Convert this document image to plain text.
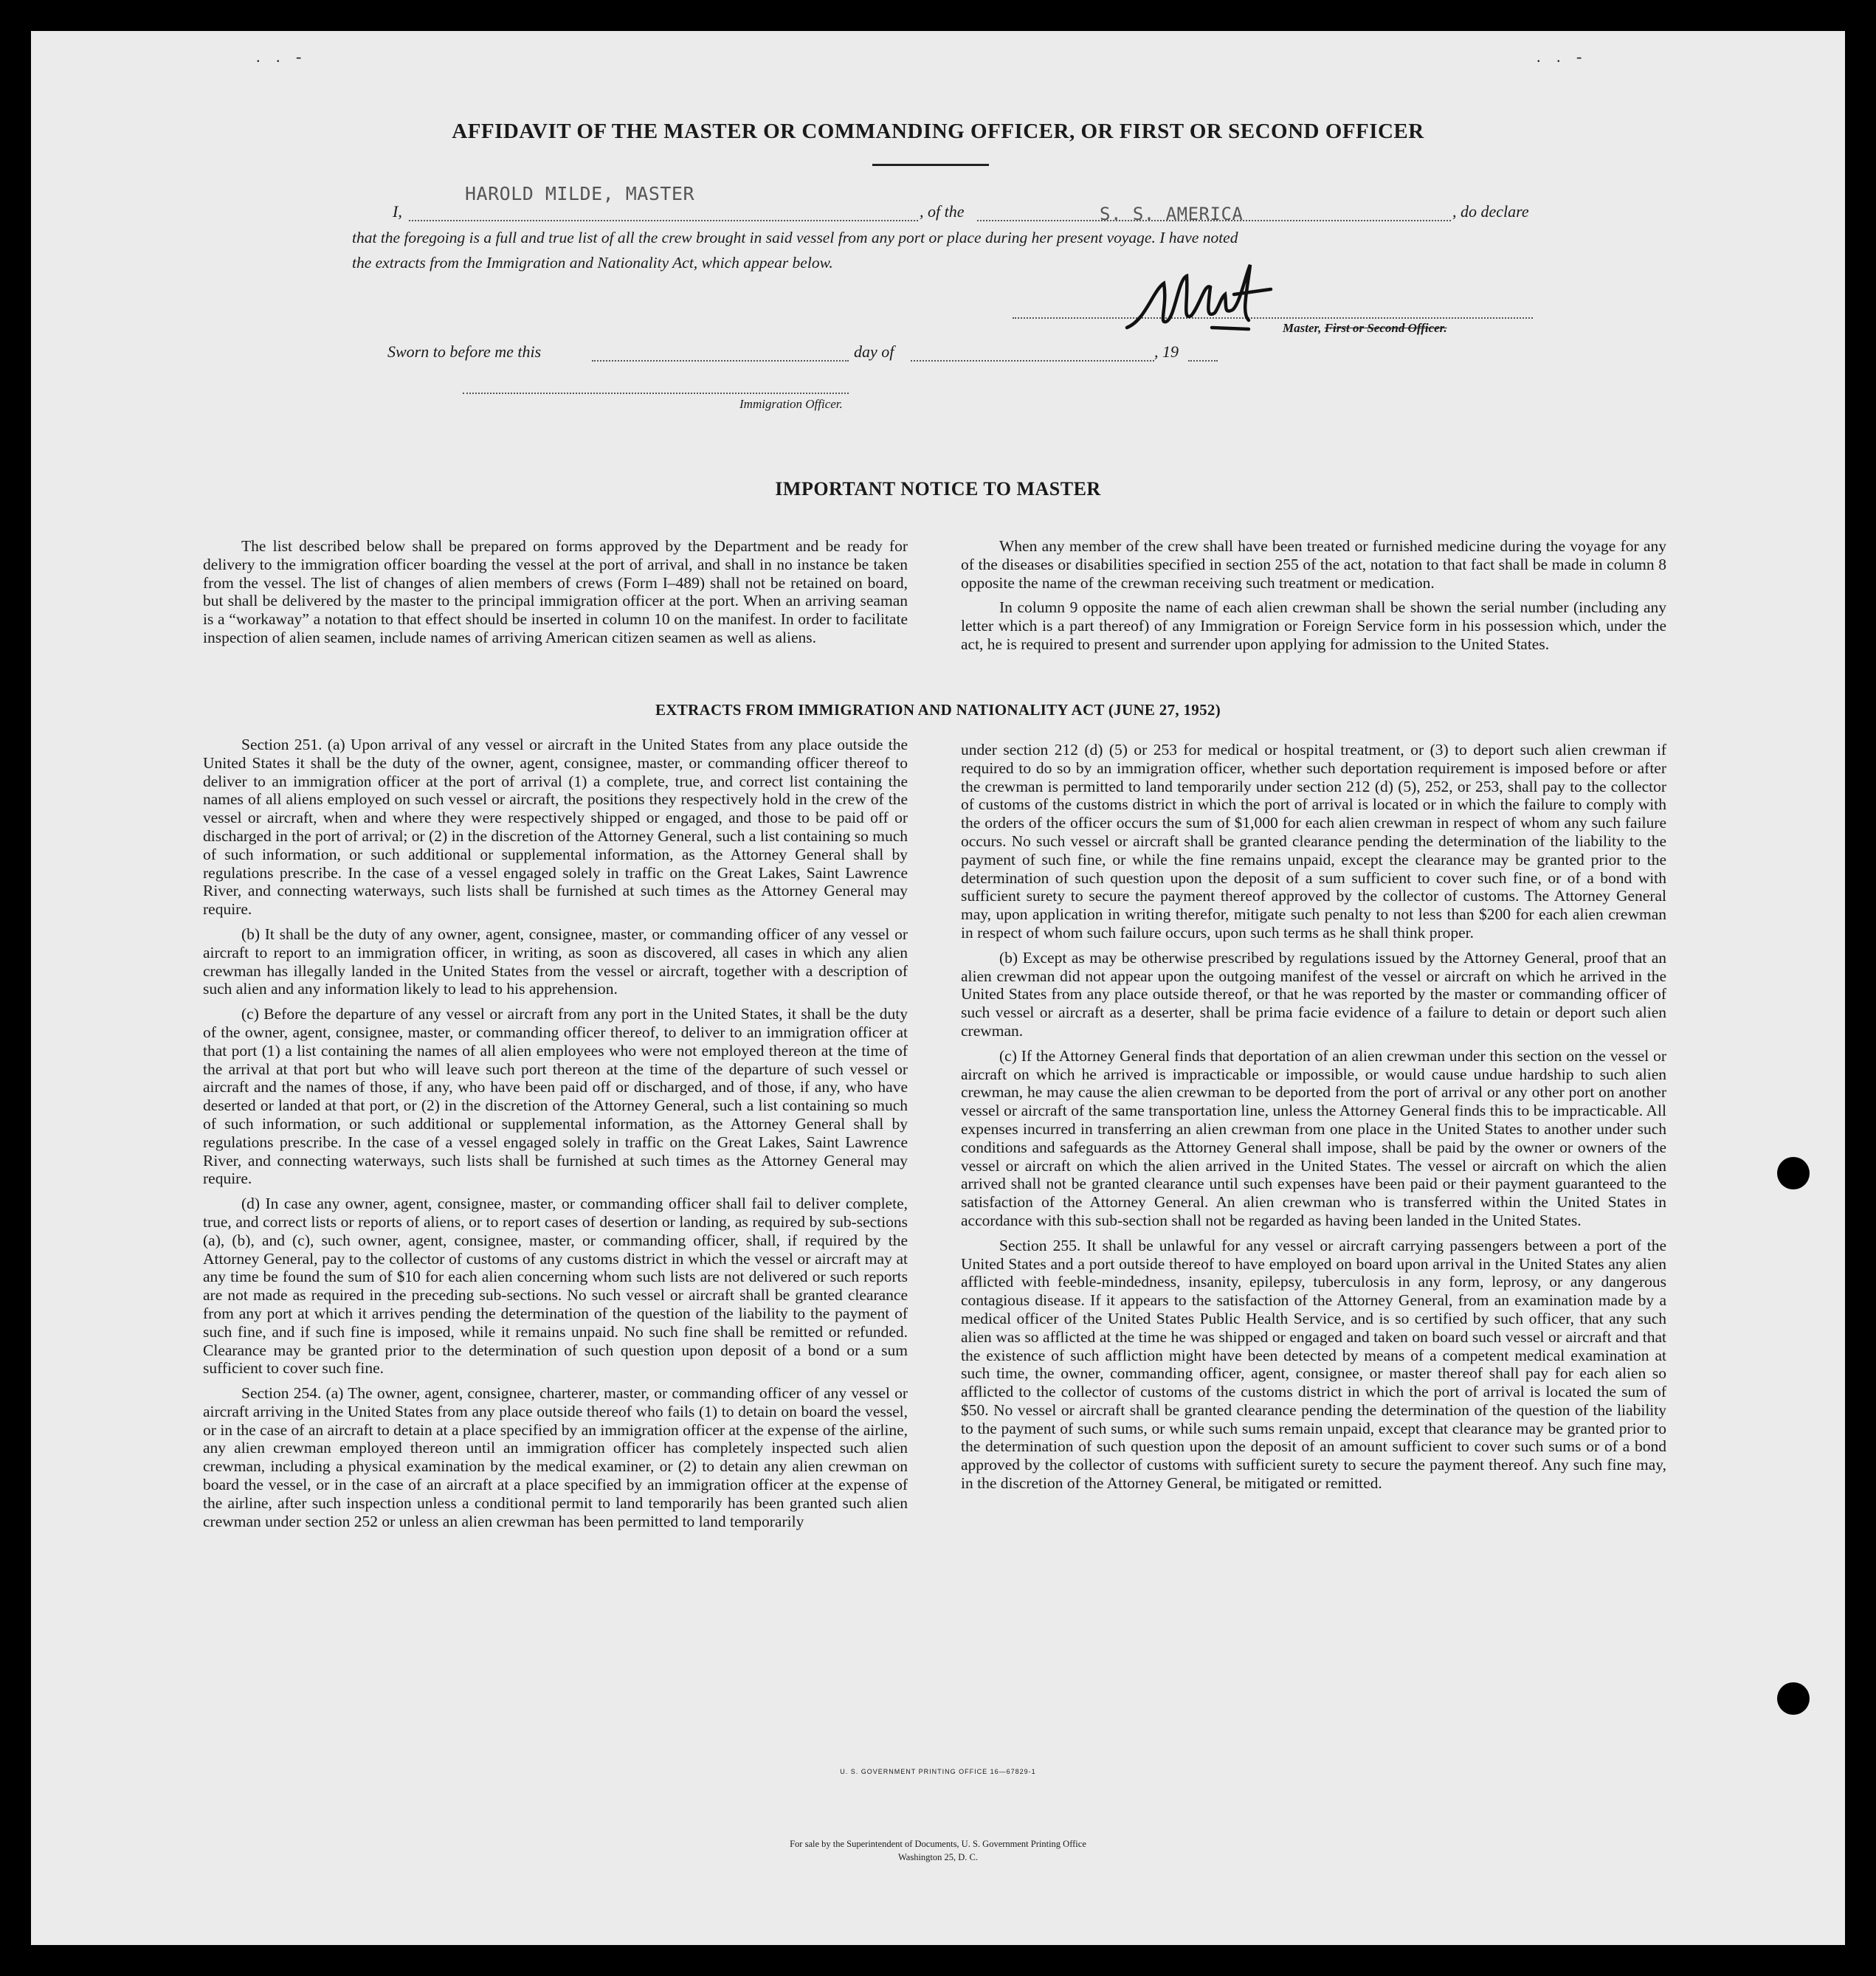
. . -	. . -
AFFIDAVIT OF THE MASTER OR COMMANDING OFFICER, OR FIRST OR SECOND OFFICER
I,
HAROLD MILDE, MASTER
, of the	S. S. AMERICA	, do declare
that the foregoing is a full and true list of all the crew brought in said vessel from any port or place during her present voyage. I have noted
the extracts from the Immigration and Nationality Act, which appear below.
Master, First or Second Officer.
Sworn to before me this	day of	, 19
Immigration Officer.
IMPORTANT NOTICE TO MASTER

The list described below shall be prepared on forms approved by the Department and be ready for delivery to the immigration officer boarding the vessel at the port of arrival, and shall in no instance be taken from the vessel. The list of changes of alien members of crews (Form I–489) shall not be retained on board, but shall be delivered by the master to the principal immigration officer at the port. When an arriving seaman is a “workaway” a notation to that effect should be inserted in column 10 on the manifest. In order to facilitate inspection of alien seamen, include names of arriving American citizen seamen as well as aliens.

When any member of the crew shall have been treated or furnished medicine during the voyage for any of the diseases or disabilities specified in section 255 of the act, notation to that fact shall be made in column 8 opposite the name of the crewman receiving such treatment or medication.

In column 9 opposite the name of each alien crewman shall be shown the serial number (including any letter which is a part thereof) of any Immigration or Foreign Service form in his possession which, under the act, he is required to present and surrender upon applying for admission to the United States.

EXTRACTS FROM IMMIGRATION AND NATIONALITY ACT (JUNE 27, 1952)

Section 251. (a) Upon arrival of any vessel or aircraft in the United States from any place outside the United States it shall be the duty of the owner, agent, consignee, master, or commanding officer thereof to deliver to an immigration officer at the port of arrival (1) a complete, true, and correct list containing the names of all aliens employed on such vessel or aircraft, the positions they respectively hold in the crew of the vessel or aircraft, when and where they were respectively shipped or engaged, and those to be paid off or discharged in the port of arrival; or (2) in the discretion of the Attorney General, such a list containing so much of such information, or such additional or supplemental information, as the Attorney General shall by regulations prescribe. In the case of a vessel engaged solely in traffic on the Great Lakes, Saint Lawrence River, and connecting waterways, such lists shall be furnished at such times as the Attorney General may require.

(b) It shall be the duty of any owner, agent, consignee, master, or commanding officer of any vessel or aircraft to report to an immigration officer, in writing, as soon as discovered, all cases in which any alien crewman has illegally landed in the United States from the vessel or aircraft, together with a description of such alien and any information likely to lead to his apprehension.

(c) Before the departure of any vessel or aircraft from any port in the United States, it shall be the duty of the owner, agent, consignee, master, or commanding officer thereof, to deliver to an immigration officer at that port (1) a list containing the names of all alien employees who were not employed thereon at the time of the arrival at that port but who will leave such port thereon at the time of the departure of such vessel or aircraft and the names of those, if any, who have been paid off or discharged, and of those, if any, who have deserted or landed at that port, or (2) in the discretion of the Attorney General, such a list containing so much of such information, or such additional or supplemental information, as the Attorney General shall by regulations prescribe. In the case of a vessel engaged solely in traffic on the Great Lakes, Saint Lawrence River, and connecting waterways, such lists shall be furnished at such times as the Attorney General may require.

(d) In case any owner, agent, consignee, master, or commanding officer shall fail to deliver complete, true, and correct lists or reports of aliens, or to report cases of desertion or landing, as required by sub-sections (a), (b), and (c), such owner, agent, consignee, master, or commanding officer, shall, if required by the Attorney General, pay to the collector of customs of any customs district in which the vessel or aircraft may at any time be found the sum of $10 for each alien concerning whom such lists are not delivered or such reports are not made as required in the preceding sub-sections. No such vessel or aircraft shall be granted clearance from any port at which it arrives pending the determination of the question of the liability to the payment of such fine, and if such fine is imposed, while it remains unpaid. No such fine shall be remitted or refunded. Clearance may be granted prior to the determination of such question upon deposit of a bond or a sum sufficient to cover such fine.

Section 254. (a) The owner, agent, consignee, charterer, master, or commanding officer of any vessel or aircraft arriving in the United States from any place outside thereof who fails (1) to detain on board the vessel, or in the case of an aircraft to detain at a place specified by an immigration officer at the expense of the airline, any alien crewman employed thereon until an immigration officer has completely inspected such alien crewman, including a physical examination by the medical examiner, or (2) to detain any alien crewman on board the vessel, or in the case of an aircraft at a place specified by an immigration officer at the expense of the airline, after such inspection unless a conditional permit to land temporarily has been granted such alien crewman under section 252 or unless an alien crewman has been permitted to land temporarily

under section 212 (d) (5) or 253 for medical or hospital treatment, or (3) to deport such alien crewman if required to do so by an immigration officer, whether such deportation requirement is imposed before or after the crewman is permitted to land temporarily under section 212 (d) (5), 252, or 253, shall pay to the collector of customs of the customs district in which the port of arrival is located or in which the failure to comply with the orders of the officer occurs the sum of $1,000 for each alien crewman in respect of whom any such failure occurs. No such vessel or aircraft shall be granted clearance pending the determination of the liability to the payment of such fine, or while the fine remains unpaid, except the clearance may be granted prior to the determination of such question upon the deposit of a sum sufficient to cover such fine, or of a bond with sufficient surety to secure the payment thereof approved by the collector of customs. The Attorney General may, upon application in writing therefor, mitigate such penalty to not less than $200 for each alien crewman in respect of whom such failure occurs, upon such terms as he shall think proper.

(b) Except as may be otherwise prescribed by regulations issued by the Attorney General, proof that an alien crewman did not appear upon the outgoing manifest of the vessel or aircraft on which he arrived in the United States from any place outside thereof, or that he was reported by the master or commanding officer of such vessel or aircraft as a deserter, shall be prima facie evidence of a failure to detain or deport such alien crewman.

(c) If the Attorney General finds that deportation of an alien crewman under this section on the vessel or aircraft on which he arrived is impracticable or impossible, or would cause undue hardship to such alien crewman, he may cause the alien crewman to be deported from the port of arrival or any other port on another vessel or aircraft of the same transportation line, unless the Attorney General finds this to be impracticable. All expenses incurred in transferring an alien crewman from one place in the United States to another under such conditions and safeguards as the Attorney General shall impose, shall be paid by the owner or owners of the vessel or aircraft on which the alien arrived in the United States. The vessel or aircraft on which the alien arrived shall not be granted clearance until such expenses have been paid or their payment guaranteed to the satisfaction of the Attorney General. An alien crewman who is transferred within the United States in accordance with this sub-section shall not be regarded as having been landed in the United States.

Section 255. It shall be unlawful for any vessel or aircraft carrying passengers between a port of the United States and a port outside thereof to have employed on board upon arrival in the United States any alien afflicted with feeble-mindedness, insanity, epilepsy, tuberculosis in any form, leprosy, or any dangerous contagious disease. If it appears to the satisfaction of the Attorney General, from an examination made by a medical officer of the United States Public Health Service, and is so certified by such officer, that any such alien was so afflicted at the time he was shipped or engaged and taken on board such vessel or aircraft and that the existence of such affliction might have been detected by means of a competent medical examination at such time, the owner, commanding officer, agent, consignee, or master thereof shall pay for each alien so afflicted to the collector of customs of the customs district in which the port of arrival is located the sum of $50. No vessel or aircraft shall be granted clearance pending the determination of the question of the liability to the payment of such sums, or while such sums remain unpaid, except that clearance may be granted prior to the determination of such question upon the deposit of an amount sufficient to cover such sums or of a bond approved by the collector of customs with sufficient surety to secure the payment thereof. Any such fine may, in the discretion of the Attorney General, be mitigated or remitted.

U. S. GOVERNMENT PRINTING OFFICE 16—67829-1
For sale by the Superintendent of Documents, U. S. Government Printing Office
Washington 25, D. C.
